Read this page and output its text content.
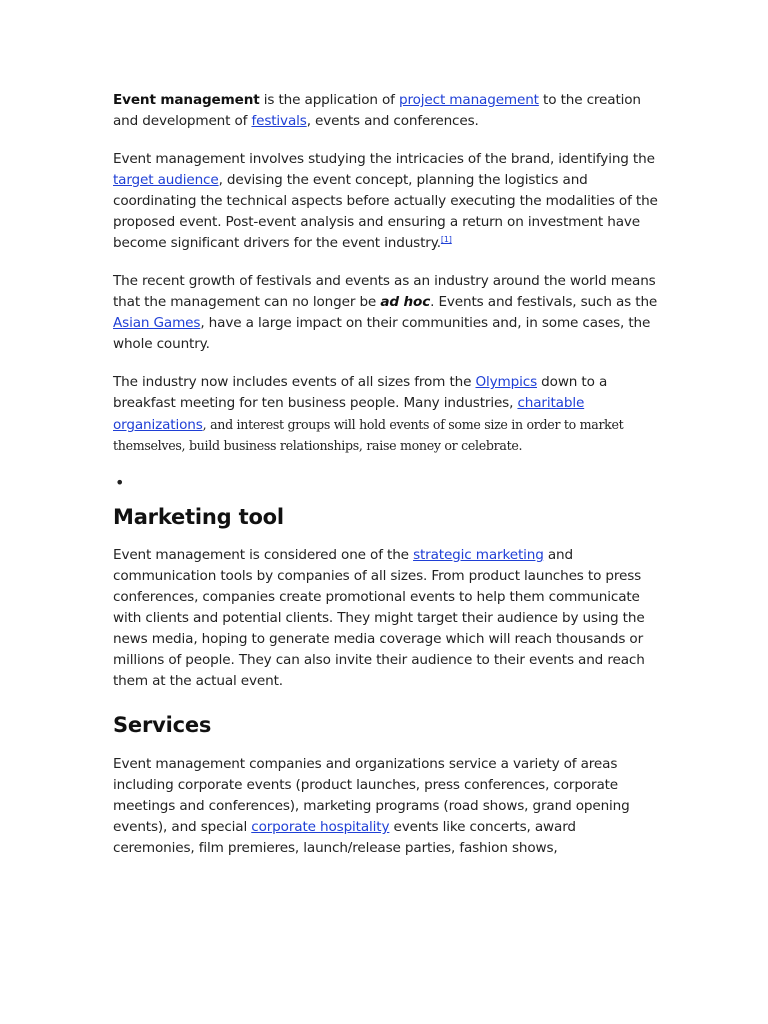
Event management is the application of project management to the creation and development of festivals, events and conferences.

Event management involves studying the intricacies of the brand, identifying the target audience, devising the event concept, planning the logistics and coordinating the technical aspects before actually executing the modalities of the proposed event. Post-event analysis and ensuring a return on investment have become significant drivers for the event industry.[1]

The recent growth of festivals and events as an industry around the world means that the management can no longer be ad hoc. Events and festivals, such as the Asian Games, have a large impact on their communities and, in some cases, the whole country.

The industry now includes events of all sizes from the Olympics down to a breakfast meeting for ten business people. Many industries, charitable organizations, and interest groups will hold events of some size in order to market
themselves, build business relationships, raise money or celebrate.

•
Marketing tool

Event management is considered one of the strategic marketing and communication tools by companies of all sizes. From product launches to press conferences, companies create promotional events to help them communicate with clients and potential clients. They might target their audience by using the news media, hoping to generate media coverage which will reach thousands or millions of people. They can also invite their audience to their events and reach them at the actual event.

Services

Event management companies and organizations service a variety of areas including corporate events (product launches, press conferences, corporate meetings and conferences), marketing programs (road shows, grand opening events), and special corporate hospitality events like concerts, award ceremonies, film premieres, launch/release parties, fashion shows,
